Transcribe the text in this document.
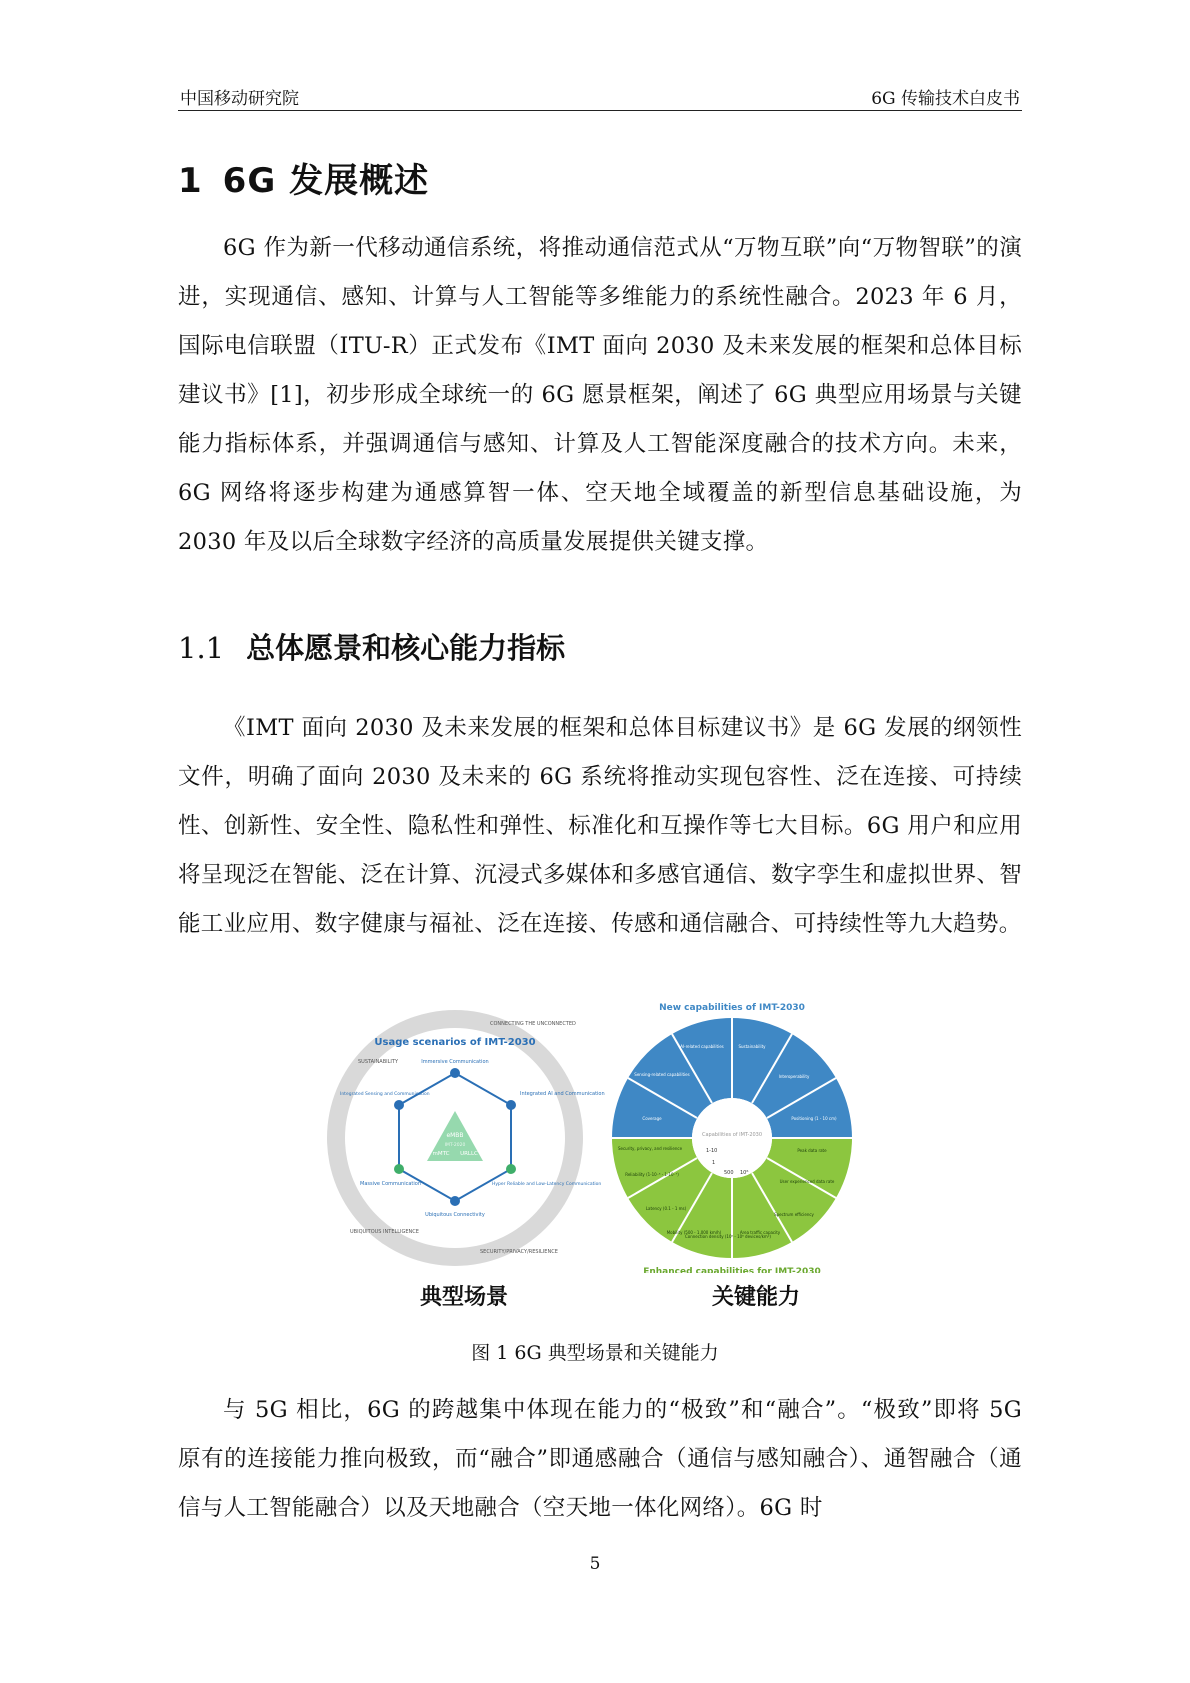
中国移动研究院	6G 传输技术白皮书
1 6G 发展概述

6G 作为新一代移动通信系统，将推动通信范式从“万物互联”向“万物智联”的演进，实现通信、感知、计算与人工智能等多维能力的系统性融合。2023 年 6 月，国际电信联盟（ITU-R）正式发布《IMT 面向 2030 及未来发展的框架和总体目标建议书》[1]，初步形成全球统一的 6G 愿景框架，阐述了 6G 典型应用场景与关键能力指标体系，并强调通信与感知、计算及人工智能深度融合的技术方向。未来，6G 网络将逐步构建为通感算智一体、空天地全域覆盖的新型信息基础设施，为 2030 年及以后全球数字经济的高质量发展提供关键支撑。

1.1 总体愿景和核心能力指标

《IMT 面向 2030 及未来发展的框架和总体目标建议书》是 6G 发展的纲领性文件，明确了面向 2030 及未来的 6G 系统将推动实现包容性、泛在连接、可持续性、创新性、安全性、隐私性和弹性、标准化和互操作等七大目标。6G 用户和应用将呈现泛在智能、泛在计算、沉浸式多媒体和多感官通信、数字孪生和虚拟世界、智能工业应用、数字健康与福祉、泛在连接、传感和通信融合、可持续性等九大趋势。

Usage scenarios of IMT-2030
SUSTAINABILITY
CONNECTING THE UNCONNECTED
UBIQUITOUS INTELLIGENCE
SECURITY/PRIVACY/RESILIENCE
eMBB
IMT-2020
mMTC URLLC
Immersive Communication
Integrated AI and Communication
Hyper Reliable and Low-Latency Communication
Ubiquitous Connectivity
Massive Communication
Integrated Sensing and Communication
Capabilities of IMT-2030
1-10
1
500 10⁶
New capabilities of IMT-2030
Enhanced capabilities for IMT-2030
Coverage
Sensing-related capabilities
AI-related capabilities	Sustainability
Interoperability
Positioning (1 - 10 cm)
Peak data rate
User experienced data rate
Spectrum efficiency
Area traffic capacity
Connection density (10⁶ - 10⁸ devices/km²)
Mobility (500 - 1,000 km/h)
Latency (0.1 - 1 ms)
Reliability (1-10⁻⁵ - 1-10⁻⁷)
Security, privacy, and resilience
典型场景	关键能力
图 1 6G 典型场景和关键能力

与 5G 相比，6G 的跨越集中体现在能力的“极致”和“融合”。“极致”即将 5G 原有的连接能力推向极致，而“融合”即通感融合（通信与感知融合）、通智融合（通信与人工智能融合）以及天地融合（空天地一体化网络）。6G 时

5
